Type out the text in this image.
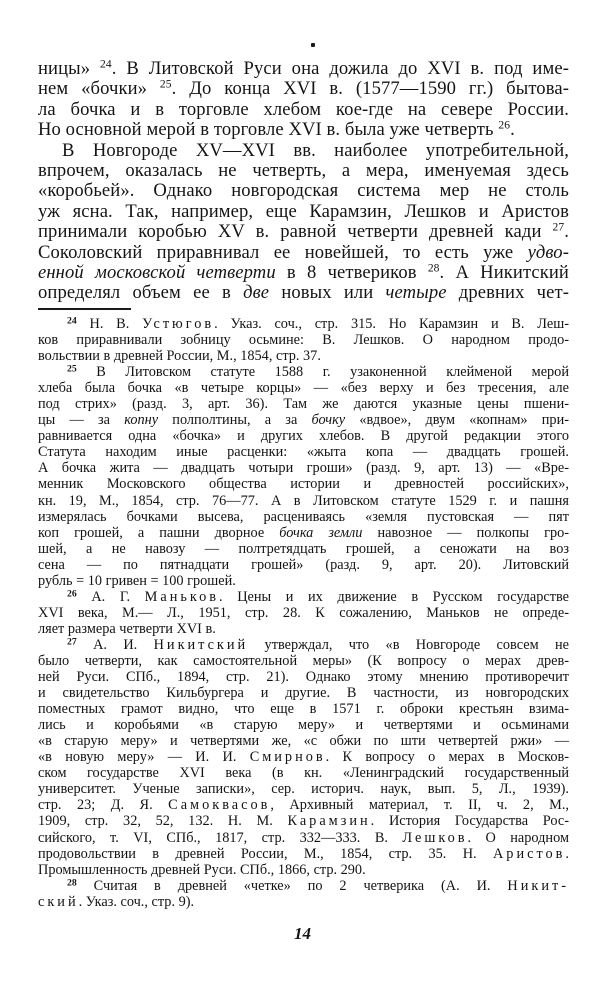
ницы» $^{24}$. В Литовской Руси она дожила до XVI в. под име-
нем «бочки» $^{25}$. До конца XVI в. (1577—1590 гг.) бытова-
ла бочка и в торговле хлебом кое-где на севере России.
Но основной мерой в торговле XVI в. была уже четверть $^{26}$.
В Новгороде XV—XVI вв. наиболее употребительной,
впрочем, оказалась не четверть, а мера, именуемая здесь
«коробьей». Однако новгородская система мер не столь
уж ясна. Так, например, еще Карамзин, Лешков и Аристов
принимали коробью XV в. равной четверти древней кади $^{27}$.
Соколовский приравнивал ее новейшей, то есть уже удво-
енной московской четверти в 8 четвериков $^{28}$. А Никитский
определял объем ее в две новых или четыре древних чет-
$^{24}$ Н. В. Устюгов. Указ. соч., стр. 315. Но Карамзин и В. Леш-
ков приравнивали зобницу осьмине: В. Лешков. О народном продо-
вольствии в древней России, М., 1854, стр. 37.
$^{25}$ В Литовском статуте 1588 г. узаконенной клейменой мерой
хлеба была бочка «в четыре корцы» — «без верху и без тресения, але
под стрих» (разд. 3, арт. 36). Там же даются указные цены пшени-
цы — за копну полполтины, а за бочку «вдвое», двум «копнам» при-
равнивается одна «бочка» и других хлебов. В другой редакции этого
Статута находим иные расценки: «жыта копа — двадцать грошей.
А бочка жита — двадцать чотыри гроши» (разд. 9, арт. 13) — «Вре-
менник Московского общества истории и древностей российских»,
кн. 19, М., 1854, стр. 76—77. А в Литовском статуте 1529 г. и пашня
измерялась бочками высева, расцениваясь «земля пустовская — пят
коп грошей, а пашни дворное бочка земли навозное — полкопы гро-
шей, а не навозу — полтретядцать грошей, а сеножати на воз
сена — по пятнадцати грошей» (разд. 9, арт. 20). Литовский
рубль = 10 гривен = 100 грошей.
$^{26}$ А. Г. Маньков. Цены и их движение в Русском государстве
XVI века, М.— Л., 1951, стр. 28. К сожалению, Маньков не опреде-
ляет размера четверти XVI в.
$^{27}$ А. И. Никитский утверждал, что «в Новгороде совсем не
было четверти, как самостоятельной меры» (К вопросу о мерах древ-
ней Руси. СПб., 1894, стр. 21). Однако этому мнению противоречит
и свидетельство Кильбургера и другие. В частности, из новгородских
поместных грамот видно, что еще в 1571 г. оброки крестьян взима-
лись и коробьями «в старую меру» и четвертями и осьминами
«в старую меру» и четвертями же, «с обжи по шти четвертей ржи» —
«в новую меру» — И. И. Смирнов. К вопросу о мерах в Москов-
ском государстве XVI века (в кн. «Ленинградский государственный
университет. Ученые записки», сер. историч. наук, вып. 5, Л., 1939).
стр. 23; Д. Я. Самоквасов, Архивный материал, т. II, ч. 2, М.,
1909, стр. 32, 52, 132. Н. М. Карамзин. История Государства Рос-
сийского, т. VI, СПб., 1817, стр. 332—333. В. Лешков. О народном
продовольствии в древней России, М., 1854, стр. 35. Н. Аристов.
Промышленность древней Руси. СПб., 1866, стр. 290.
$^{28}$ Считая в древней «четке» по 2 четверика (А. И. Никит-
ский. Указ. соч., стр. 9).
14
